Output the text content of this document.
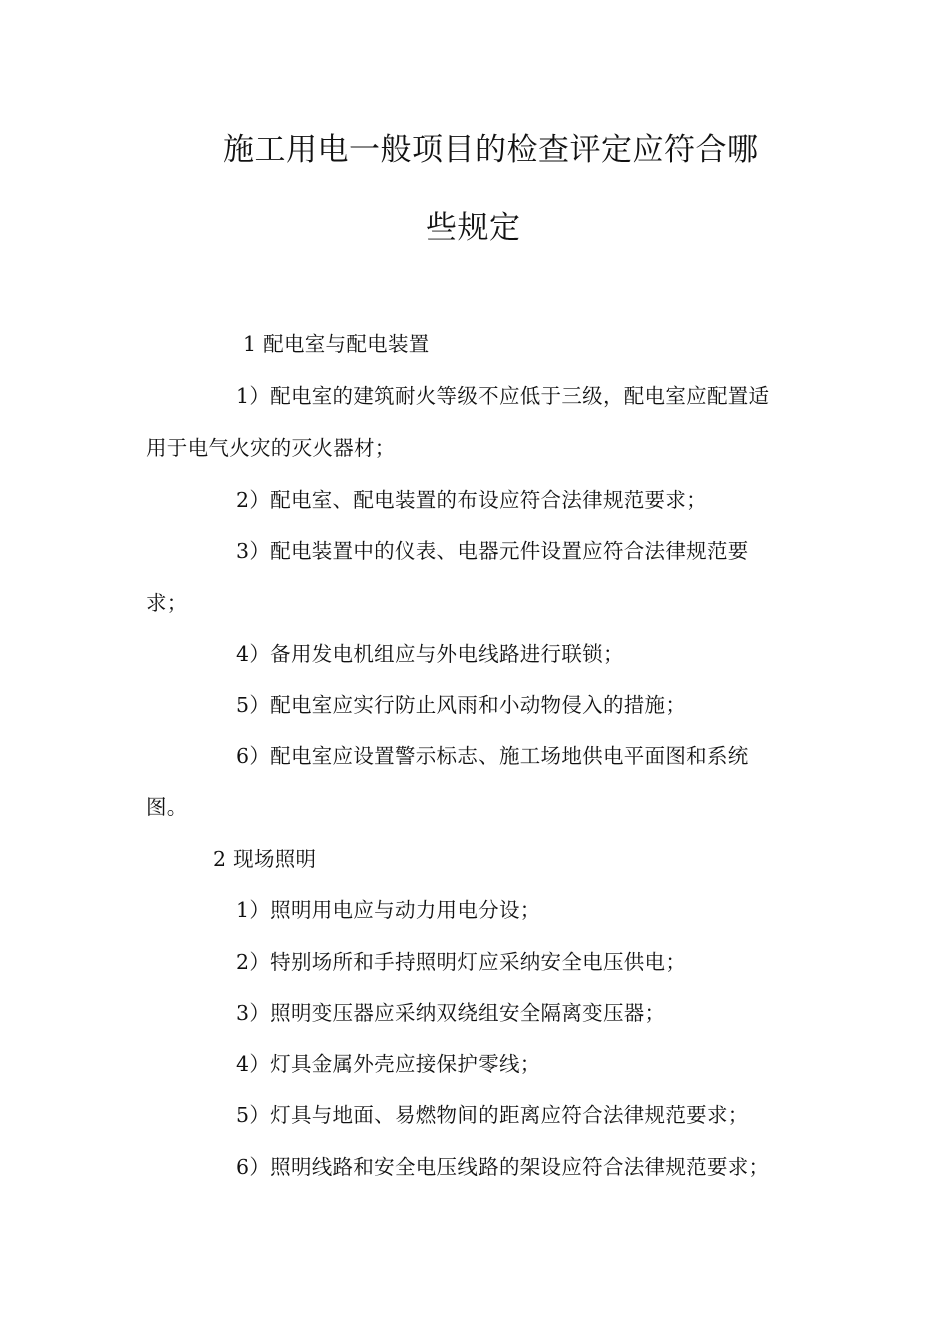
施工用电一般项目的检查评定应符合哪
些规定
1 配电室与配电装置
1）配电室的建筑耐火等级不应低于三级，配电室应配置适
用于电气火灾的灭火器材；
2）配电室、配电装置的布设应符合法律规范要求；
3）配电装置中的仪表、电器元件设置应符合法律规范要
求；
4）备用发电机组应与外电线路进行联锁；
5）配电室应实行防止风雨和小动物侵入的措施；
6）配电室应设置警示标志、施工场地供电平面图和系统
图。
2 现场照明
1）照明用电应与动力用电分设；
2）特别场所和手持照明灯应采纳安全电压供电；
3）照明变压器应采纳双绕组安全隔离变压器；
4）灯具金属外壳应接保护零线；
5）灯具与地面、易燃物间的距离应符合法律规范要求；
6）照明线路和安全电压线路的架设应符合法律规范要求；
